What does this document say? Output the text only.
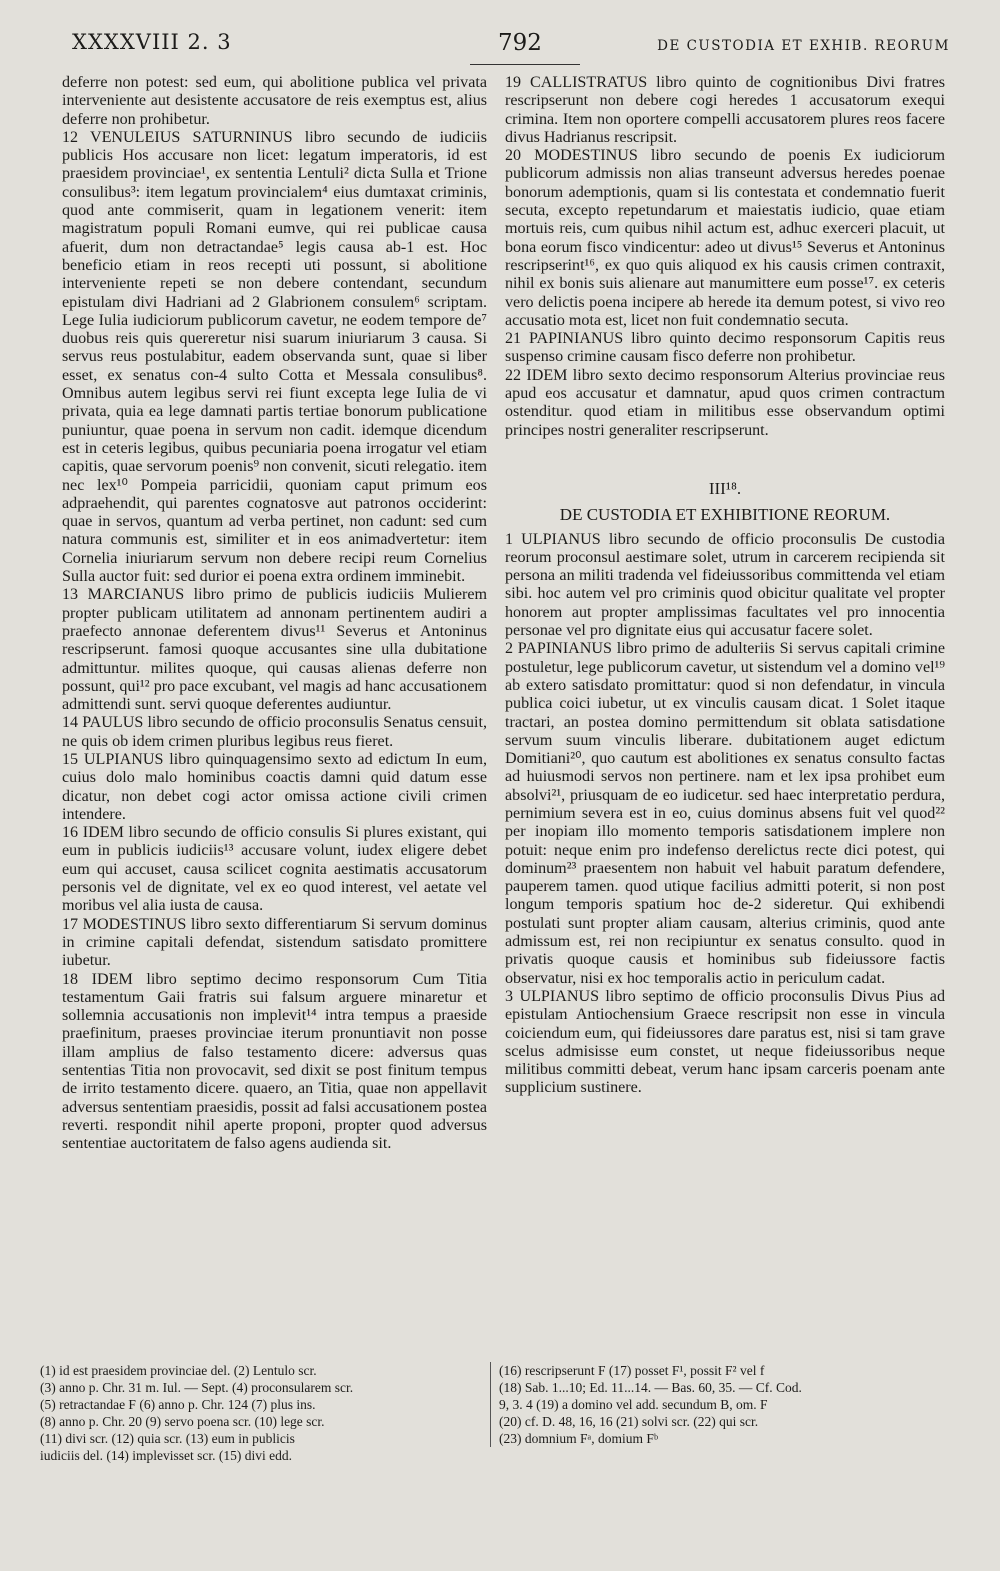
XXXXVIII 2. 3	792	DE CUSTODIA ET EXHIB. REORUM

deferre non potest: sed eum, qui abolitione publica vel privata interveniente aut desistente accusatore de reis exemptus est, alius deferre non prohibetur.

12 VENULEIUS SATURNINUS libro secundo de iudiciis publicis Hos accusare non licet: legatum imperatoris, id est praesidem provinciae¹, ex sententia Lentuli² dicta Sulla et Trione consulibus³: item legatum provincialem⁴ eius dumtaxat criminis, quod ante commiserit, quam in legationem venerit: item magistratum populi Romani eumve, qui rei publicae causa afuerit, dum non detractandae⁵ legis causa ab-1 est. Hoc beneficio etiam in reos recepti uti possunt, si abolitione interveniente repeti se non debere contendant, secundum epistulam divi Hadriani ad 2 Glabrionem consulem⁶ scriptam. Lege Iulia iudiciorum publicorum cavetur, ne eodem tempore de⁷ duobus reis quis quereretur nisi suarum iniuriarum 3 causa. Si servus reus postulabitur, eadem observanda sunt, quae si liber esset, ex senatus con-4 sulto Cotta et Messala consulibus⁸. Omnibus autem legibus servi rei fiunt excepta lege Iulia de vi privata, quia ea lege damnati partis tertiae bonorum publicatione puniuntur, quae poena in servum non cadit. idemque dicendum est in ceteris legibus, quibus pecuniaria poena irrogatur vel etiam capitis, quae servorum poenis⁹ non convenit, sicuti relegatio. item nec lex¹⁰ Pompeia parricidii, quoniam caput primum eos adpraehendit, qui parentes cognatosve aut patronos occiderint: quae in servos, quantum ad verba pertinet, non cadunt: sed cum natura communis est, similiter et in eos animadvertetur: item Cornelia iniuriarum servum non debere recipi reum Cornelius Sulla auctor fuit: sed durior ei poena extra ordinem imminebit.

13 MARCIANUS libro primo de publicis iudiciis Mulierem propter publicam utilitatem ad annonam pertinentem audiri a praefecto annonae deferentem divus¹¹ Severus et Antoninus rescripserunt. famosi quoque accusantes sine ulla dubitatione admittuntur. milites quoque, qui causas alienas deferre non possunt, qui¹² pro pace excubant, vel magis ad hanc accusationem admittendi sunt. servi quoque deferentes audiuntur.

14 PAULUS libro secundo de officio proconsulis Senatus censuit, ne quis ob idem crimen pluribus legibus reus fieret.

15 ULPIANUS libro quinquagensimo sexto ad edictum In eum, cuius dolo malo hominibus coactis damni quid datum esse dicatur, non debet cogi actor omissa actione civili crimen intendere.

16 IDEM libro secundo de officio consulis Si plures existant, qui eum in publicis iudiciis¹³ accusare volunt, iudex eligere debet eum qui accuset, causa scilicet cognita aestimatis accusatorum personis vel de dignitate, vel ex eo quod interest, vel aetate vel moribus vel alia iusta de causa.

17 MODESTINUS libro sexto differentiarum Si servum dominus in crimine capitali defendat, sistendum satisdato promittere iubetur.

18 IDEM libro septimo decimo responsorum Cum Titia testamentum Gaii fratris sui falsum arguere minaretur et sollemnia accusationis non implevit¹⁴ intra tempus a praeside praefinitum, praeses provinciae iterum pronuntiavit non posse illam amplius de falso testamento dicere: adversus quas sententias Titia non provocavit, sed dixit se post finitum tempus de irrito testamento dicere. quaero, an Titia, quae non appellavit adversus sententiam praesidis, possit ad falsi accusationem postea reverti. respondit nihil aperte proponi, propter quod adversus sententiae auctoritatem de falso agens audienda sit.

19 CALLISTRATUS libro quinto de cognitionibus Divi fratres rescripserunt non debere cogi heredes 1 accusatorum exequi crimina. Item non oportere compelli accusatorem plures reos facere divus Hadrianus rescripsit.

20 MODESTINUS libro secundo de poenis Ex iudiciorum publicorum admissis non alias transeunt adversus heredes poenae bonorum ademptionis, quam si lis contestata et condemnatio fuerit secuta, excepto repetundarum et maiestatis iudicio, quae etiam mortuis reis, cum quibus nihil actum est, adhuc exerceri placuit, ut bona eorum fisco vindicentur: adeo ut divus¹⁵ Severus et Antoninus rescripserint¹⁶, ex quo quis aliquod ex his causis crimen contraxit, nihil ex bonis suis alienare aut manumittere eum posse¹⁷. ex ceteris vero delictis poena incipere ab herede ita demum potest, si vivo reo accusatio mota est, licet non fuit condemnatio secuta.

21 PAPINIANUS libro quinto decimo responsorum Capitis reus suspenso crimine causam fisco deferre non prohibetur.

22 IDEM libro sexto decimo responsorum Alterius provinciae reus apud eos accusatur et damnatur, apud quos crimen contractum ostenditur. quod etiam in militibus esse observandum optimi principes nostri generaliter rescripserunt.

III¹⁸.
DE CUSTODIA ET EXHIBITIONE REORUM.

1 ULPIANUS libro secundo de officio proconsulis De custodia reorum proconsul aestimare solet, utrum in carcerem recipienda sit persona an militi tradenda vel fideiussoribus committenda vel etiam sibi. hoc autem vel pro criminis quod obicitur qualitate vel propter honorem aut propter amplissimas facultates vel pro innocentia personae vel pro dignitate eius qui accusatur facere solet.

2 PAPINIANUS libro primo de adulteriis Si servus capitali crimine postuletur, lege publicorum cavetur, ut sistendum vel a domino vel¹⁹ ab extero satisdato promittatur: quod si non defendatur, in vincula publica coici iubetur, ut ex vinculis causam dicat. 1 Solet itaque tractari, an postea domino permittendum sit oblata satisdatione servum suum vinculis liberare. dubitationem auget edictum Domitiani²⁰, quo cautum est abolitiones ex senatus consulto factas ad huiusmodi servos non pertinere. nam et lex ipsa prohibet eum absolvi²¹, priusquam de eo iudicetur. sed haec interpretatio perdura, pernimium severa est in eo, cuius dominus absens fuit vel quod²² per inopiam illo momento temporis satisdationem implere non potuit: neque enim pro indefenso derelictus recte dici potest, qui dominum²³ praesentem non habuit vel habuit paratum defendere, pauperem tamen. quod utique facilius admitti poterit, si non post longum temporis spatium hoc de-2 sideretur. Qui exhibendi postulati sunt propter aliam causam, alterius criminis, quod ante admissum est, rei non recipiuntur ex senatus consulto. quod in privatis quoque causis et hominibus sub fideiussore factis observatur, nisi ex hoc temporalis actio in periculum cadat.

3 ULPIANUS libro septimo de officio proconsulis Divus Pius ad epistulam Antiochensium Graece rescripsit non esse in vincula coiciendum eum, qui fideiussores dare paratus est, nisi si tam grave scelus admisisse eum constet, ut neque fideiussoribus neque militibus committi debeat, verum hanc ipsam carceris poenam ante supplicium sustinere.

(1) id est praesidem provinciae del. (2) Lentulo scr.
(3) anno p. Chr. 31 m. Iul. — Sept. (4) proconsularem scr.
(5) retractandae F (6) anno p. Chr. 124 (7) plus ins.
(8) anno p. Chr. 20 (9) servo poena scr. (10) lege scr.
(11) divi scr. (12) quia scr. (13) eum in publicis
iudiciis del. (14) implevisset scr. (15) divi edd.
(16) rescripserunt F (17) posset F¹, possit F² vel f
(18) Sab. 1...10; Ed. 11...14. — Bas. 60, 35. — Cf. Cod.
9, 3. 4 (19) a domino vel add. secundum B, om. F
(20) cf. D. 48, 16, 16 (21) solvi scr. (22) qui scr.
(23) domnium Fᵃ, domium Fᵇ
